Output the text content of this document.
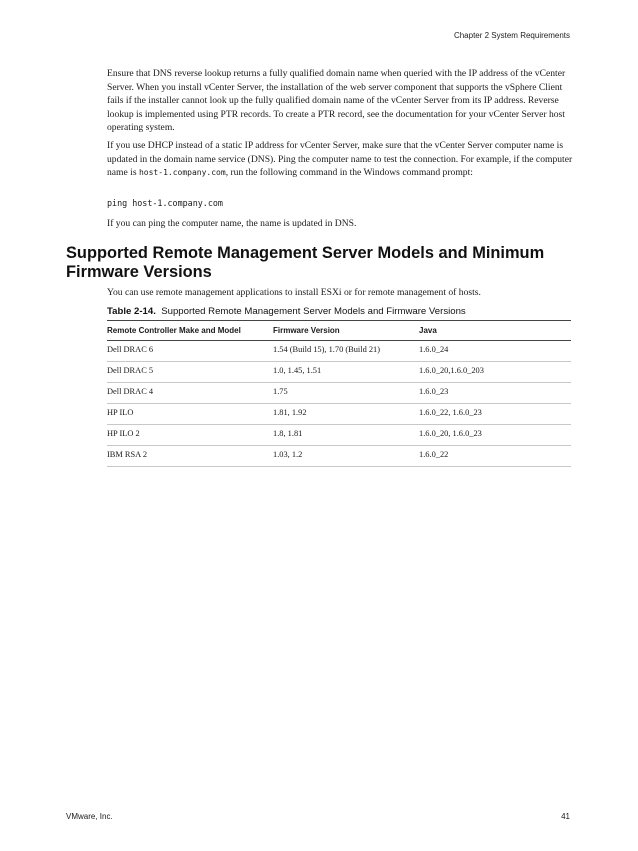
Chapter 2 System Requirements

Ensure that DNS reverse lookup returns a fully qualified domain name when queried with the IP address of the vCenter Server. When you install vCenter Server, the installation of the web server component that supports the vSphere Client fails if the installer cannot look up the fully qualified domain name of the vCenter Server from its IP address. Reverse lookup is implemented using PTR records. To create a PTR record, see the documentation for your vCenter Server host operating system.

If you use DHCP instead of a static IP address for vCenter Server, make sure that the vCenter Server computer name is updated in the domain name service (DNS). Ping the computer name to test the connection. For example, if the computer name is host-1.company.com, run the following command in the Windows command prompt:

ping host-1.company.com

If you can ping the computer name, the name is updated in DNS.

Supported Remote Management Server Models and Minimum Firmware Versions
You can use remote management applications to install ESXi or for remote management of hosts.
Table 2-14. Supported Remote Management Server Models and Firmware Versions
Remote Controller Make and Model	Firmware Version	Java
Dell DRAC 6	1.54 (Build 15), 1.70 (Build 21)	1.6.0_24
Dell DRAC 5	1.0, 1.45, 1.51	1.6.0_20,1.6.0_203
Dell DRAC 4	1.75	1.6.0_23
HP ILO	1.81, 1.92	1.6.0_22, 1.6.0_23
HP ILO 2	1.8, 1.81	1.6.0_20, 1.6.0_23
IBM RSA 2	1.03, 1.2	1.6.0_22
VMware, Inc.	41
